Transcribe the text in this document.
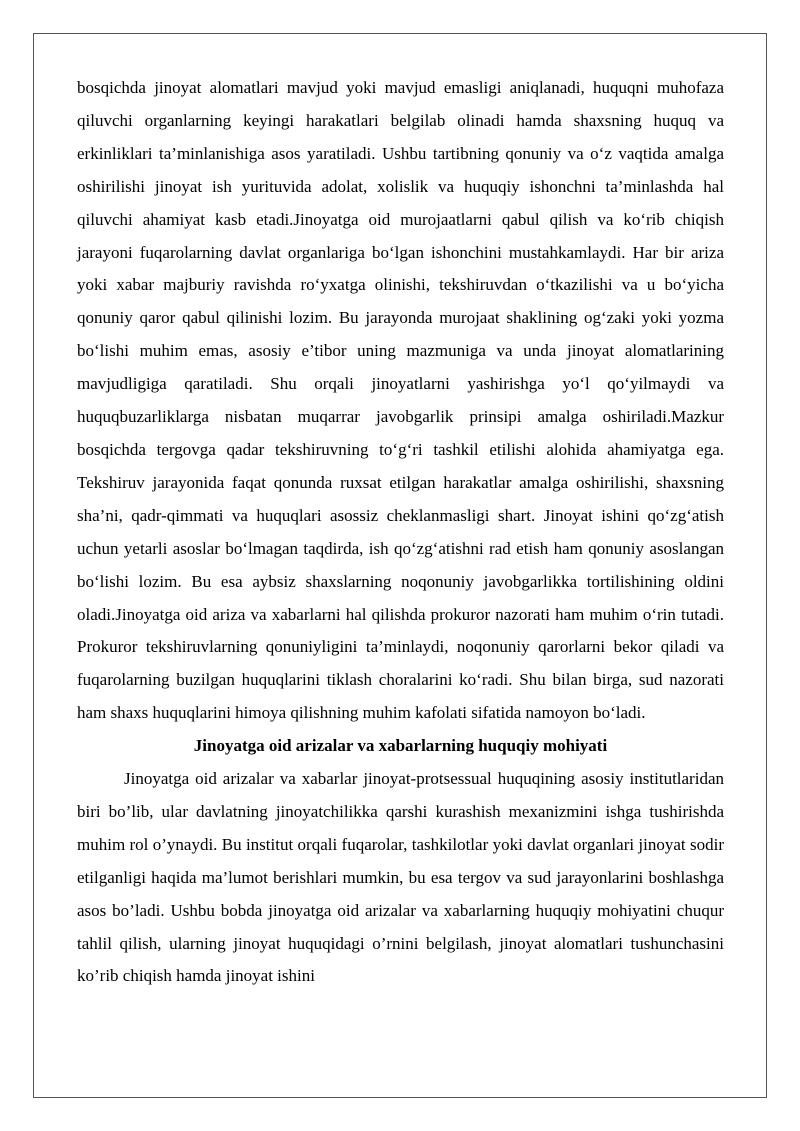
bosqichda jinoyat alomatlari mavjud yoki mavjud emasligi aniqlanadi, huquqni muhofaza qiluvchi organlarning keyingi harakatlari belgilab olinadi hamda shaxsning huquq va erkinliklari ta’minlanishiga asos yaratiladi. Ushbu tartibning qonuniy va o‘z vaqtida amalga oshirilishi jinoyat ish yurituvida adolat, xolislik va huquqiy ishonchni ta’minlashda hal qiluvchi ahamiyat kasb etadi.Jinoyatga oid murojaatlarni qabul qilish va ko‘rib chiqish jarayoni fuqarolarning davlat organlariga bo‘lgan ishonchini mustahkamlaydi. Har bir ariza yoki xabar majburiy ravishda ro‘yxatga olinishi, tekshiruvdan o‘tkazilishi va u bo‘yicha qonuniy qaror qabul qilinishi lozim. Bu jarayonda murojaat shaklining og‘zaki yoki yozma bo‘lishi muhim emas, asosiy e’tibor uning mazmuniga va unda jinoyat alomatlarining mavjudligiga qaratiladi. Shu orqali jinoyatlarni yashirishga yo‘l qo‘yilmaydi va huquqbuzarliklarga nisbatan muqarrar javobgarlik prinsipi amalga oshiriladi.Mazkur bosqichda tergovga qadar tekshiruvning to‘g‘ri tashkil etilishi alohida ahamiyatga ega. Tekshiruv jarayonida faqat qonunda ruxsat etilgan harakatlar amalga oshirilishi, shaxsning sha’ni, qadr-qimmati va huquqlari asossiz cheklanmasligi shart. Jinoyat ishini qo‘zg‘atish uchun yetarli asoslar bo‘lmagan taqdirda, ish qo‘zg‘atishni rad etish ham qonuniy asoslangan bo‘lishi lozim. Bu esa aybsiz shaxslarning noqonuniy javobgarlikka tortilishining oldini oladi.Jinoyatga oid ariza va xabarlarni hal qilishda prokuror nazorati ham muhim o‘rin tutadi. Prokuror tekshiruvlarning qonuniyligini ta’minlaydi, noqonuniy qarorlarni bekor qiladi va fuqarolarning buzilgan huquqlarini tiklash choralarini ko‘radi. Shu bilan birga, sud nazorati ham shaxs huquqlarini himoya qilishning muhim kafolati sifatida namoyon bo‘ladi.

Jinoyatga oid arizalar va xabarlarning huquqiy mohiyati

Jinoyatga oid arizalar va xabarlar jinoyat-protsessual huquqining asosiy institutlaridan biri bo’lib, ular davlatning jinoyatchilikka qarshi kurashish mexanizmini ishga tushirishda muhim rol o’ynaydi. Bu institut orqali fuqarolar, tashkilotlar yoki davlat organlari jinoyat sodir etilganligi haqida ma’lumot berishlari mumkin, bu esa tergov va sud jarayonlarini boshlashga asos bo’ladi. Ushbu bobda jinoyatga oid arizalar va xabarlarning huquqiy mohiyatini chuqur tahlil qilish, ularning jinoyat huquqidagi o’rnini belgilash, jinoyat alomatlari tushunchasini ko’rib chiqish hamda jinoyat ishini
